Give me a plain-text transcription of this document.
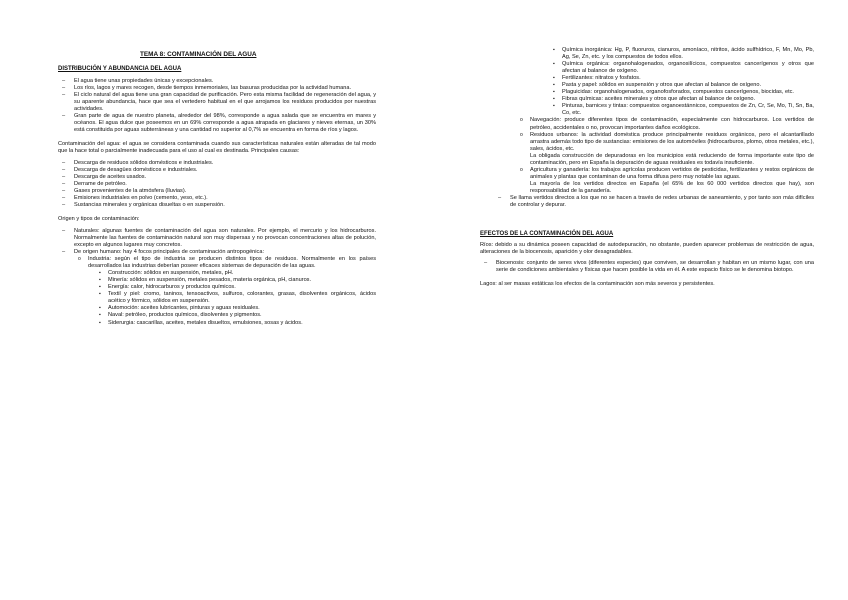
TEMA 8: CONTAMINACIÓN DEL AGUA
DISTRIBUCIÓN Y ABUNDANCIA DEL AGUA
– El agua tiene unas propiedades únicas y excepcionales.
– Los ríos, lagos y mares recogen, desde tiempos inmemoriales, las basuras producidas por la actividad humana.
– El ciclo natural del agua tiene una gran capacidad de purificación. Pero esta misma facilidad de regeneración del agua, y su aparente abundancia, hace que sea el vertedero habitual en el que arrojamos los residuos producidos por nuestras actividades.
– Gran parte de agua de nuestro planeta, alrededor del 98%, corresponde a agua salada que se encuentra en mares y océanos. El agua dulce que poseemos en un 69% corresponde a agua atrapada en glaciares y nieves eternas, un 30% está constituida por aguas subterráneas y una cantidad no superior al 0,7% se encuentra en forma de ríos y lagos.

Contaminación del agua: el agua se considera contaminada cuando sus características naturales están alteradas de tal modo que la hace total o parcialmente inadecuada para el uso al cual es destinada. Principales causas:

– Descarga de residuos sólidos domésticos e industriales.
– Descarga de desagües domésticos e industriales.
– Descarga de aceites usados.
– Derrame de petróleo.
– Gases provenientes de la atmósfera (lluvias).
– Emisiones industriales en polvo (cemento, yeso, etc.).
– Sustancias minerales y orgánicas disueltas o en suspensión.

Origen y tipos de contaminación:

– Naturales: algunas fuentes de contaminación del agua son naturales. Por ejemplo, el mercurio y los hidrocarburos. Normalmente las fuentes de contaminación natural son muy dispersas y no provocan concentraciones altas de polución, excepto en algunos lugares muy concretos.
– De origen humano: hay 4 focos principales de contaminación antropogénica:
o Industria: según el tipo de industria se producen distintos tipos de residuos. Normalmente en los países desarrollados las industrias deberían poseer eficaces sistemas de depuración de las aguas.
▪ Construcción: sólidos en suspensión, metales, pH.
▪ Minería: sólidos en suspensión, metales pesados, materia orgánica, pH, cianuros.
▪ Energía: calor, hidrocarburos y productos químicos.
▪ Textil y piel: cromo, taninos, tensoactivos, sulfuros, colorantes, grasas, disolventes orgánicos, ácidos acético y fórmico, sólidos en suspensión.
▪ Automoción: aceites lubricantes, pinturas y aguas residuales.
▪ Naval: petróleo, productos químicos, disolventes y pigmentos.
▪ Siderurgia: cascarillas, aceites, metales disueltos, emulsiones, sosas y ácidos.
▪ Química inorgánica: Hg, P, fluoruros, cianuros, amoníaco, nitritos, ácido sulfhídrico, F, Mn, Mo, Pb, Ag, Se, Zn, etc. y los compuestos de todos ellos.
▪ Química orgánica: organohalogenados, organosilícicos, compuestos cancerígenos y otros que afectan al balance de oxígeno.
▪ Fertilizantes: nitratos y fosfatos.
▪ Pasta y papel: sólidos en suspensión y otros que afectan al balance de oxígeno.
▪ Plaguicidas: organohalogenados, organofosforados, compuestos cancerígenos, biocidas, etc.
▪ Fibras químicas: aceites minerales y otros que afectan al balance de oxígeno.
▪ Pinturas, barnices y tintas: compuestos organoestánnicos, compuestos de Zn, Cr, Se, Mo, Ti, Sn, Ba, Co, etc.
o Navegación: produce diferentes tipos de contaminación, especialmente con hidrocarburos. Los vertidos de petróleo, accidentales o no, provocan importantes daños ecológicos.
o Residuos urbanos: la actividad doméstica produce principalmente residuos orgánicos, pero el alcantarillado arrastra además todo tipo de sustancias: emisiones de los automóviles (hidrocarburos, plomo, otros metales, etc.), sales, ácidos, etc.

La obligada construcción de depuradoras en los municipios está reduciendo de forma importante este tipo de contaminación, pero en España la depuración de aguas residuales es todavía insuficiente.

o Agricultura y ganadería: los trabajos agrícolas producen vertidos de pesticidas, fertilizantes y restos orgánicos de animales y plantas que contaminan de una forma difusa pero muy notable las aguas.

La mayoría de los vertidos directos en España (el 65% de los 60 000 vertidos directos que hay), son responsabilidad de la ganadería.

– Se llama vertidos directos a los que no se hacen a través de redes urbanas de saneamiento, y por tanto son más difíciles de controlar y depurar.
EFECTOS DE LA CONTAMINACIÓN DEL AGUA

Ríos: debido a su dinámica poseen capacidad de autodepuración, no obstante, pueden aparecer problemas de restricción de agua, alteraciones de la biocenosis, aparición y olor desagradables.

– Biocenosis: conjunto de seres vivos (diferentes especies) que conviven, se desarrollan y habitan en un mismo lugar, con una serie de condiciones ambientales y físicas que hacen posible la vida en él. A este espacio físico se le denomina biotopo.

Lagos: al ser masas estáticas los efectos de la contaminación son más severos y persistentes.
